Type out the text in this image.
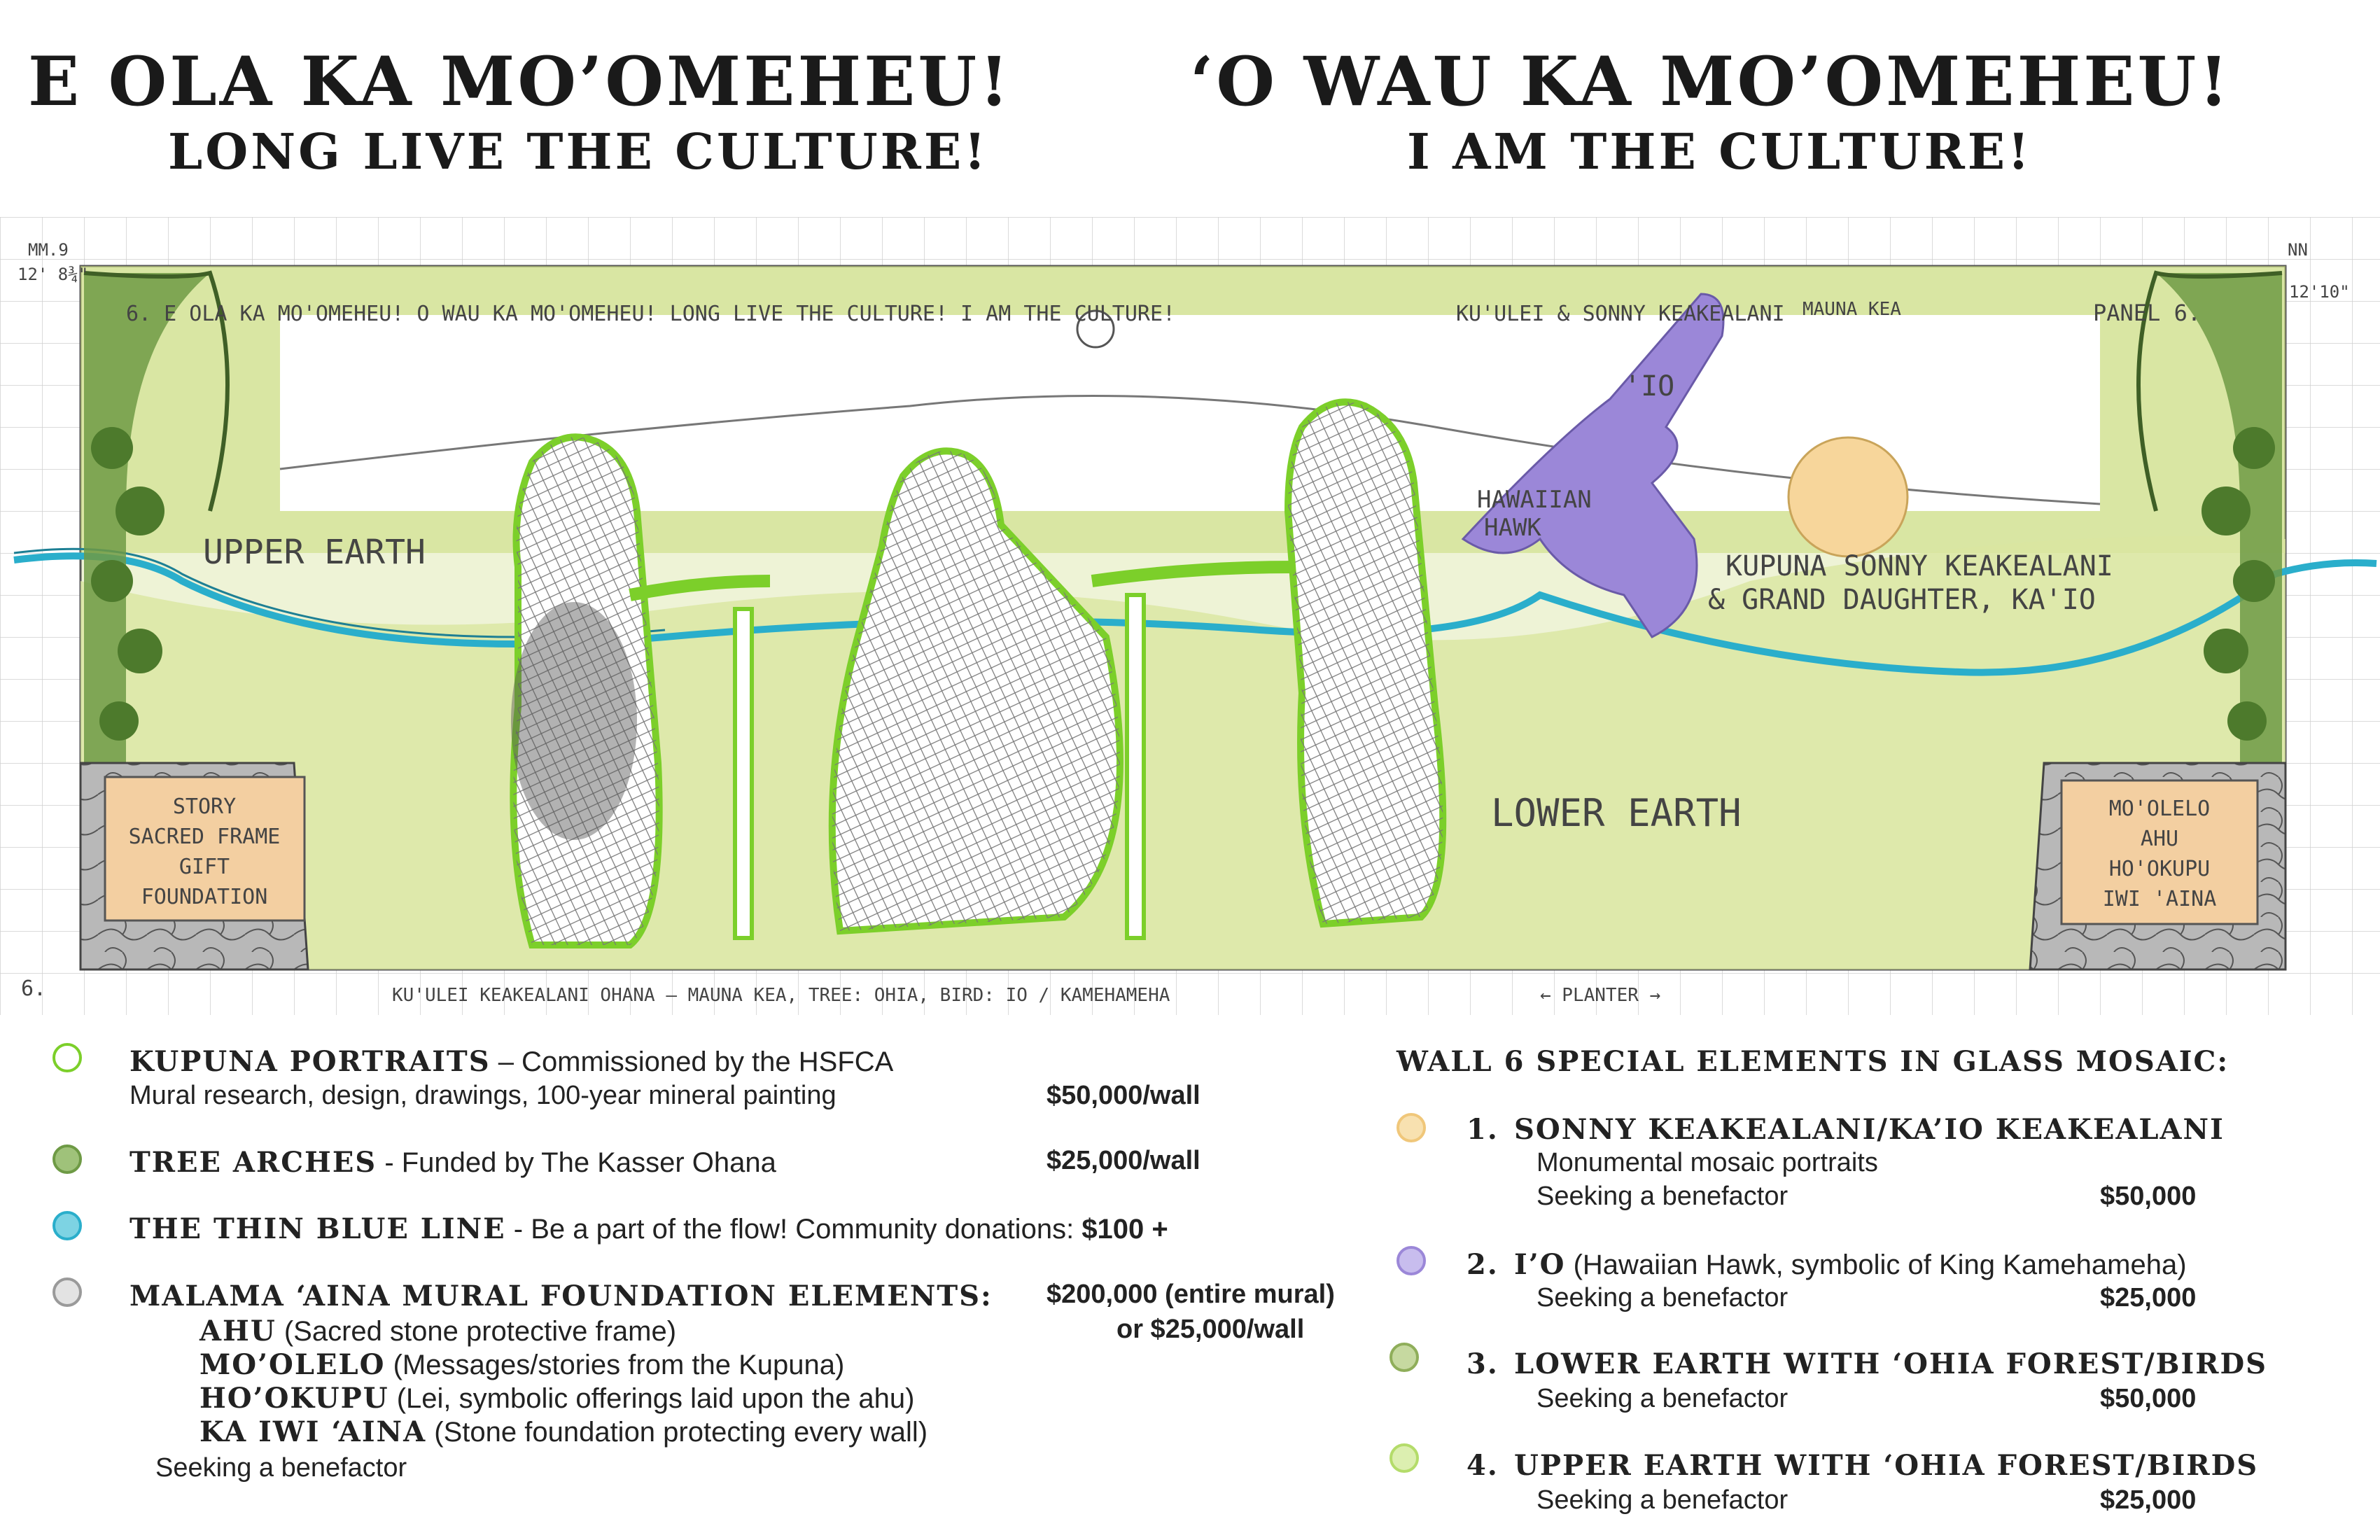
E OLA KA MO’OMEHEU!
LONG LIVE THE CULTURE!
‘O WAU KA MO’OMEHEU!
I AM THE CULTURE!
STORY
SACRED FRAME
GIFT
FOUNDATION
MO'OLELO
AHU
HO'OKUPU
IWI 'AINA
6. E OLA KA MO'OMEHEU! O WAU KA MO'OMEHEU! LONG LIVE THE CULTURE! I AM THE CULTURE!	KU'ULEI & SONNY KEAKEALANI MAUNA KEA	PANEL 6.
UPPER EARTH
LOWER EARTH
HAWAIIAN
HAWK
'IO
KUPUNA SONNY KEAKEALANI
& GRAND DAUGHTER, KA'IO
KU'ULEI KEAKEALANI OHANA — MAUNA KEA, TREE: OHIA, BIRD: IO / KAMEHAMEHA	← PLANTER →
MM.9	NN
12' 8¾"
12'10"
6.
KUPUNA PORTRAITS – Commissioned by the HSFCA
Mural research, design, drawings, 100-year mineral painting	$50,000/wall
TREE ARCHES - Funded by The Kasser Ohana	$25,000/wall
THE THIN BLUE LINE - Be a part of the flow! Community donations: $100 +
MALAMA ‘AINA MURAL FOUNDATION ELEMENTS: $200,000 (entire mural)
or $25,000/wall
AHU (Sacred stone protective frame)
MO’OLELO (Messages/stories from the Kupuna)
HO’OKUPU (Lei, symbolic offerings laid upon the ahu)
KA IWI ‘AINA (Stone foundation protecting every wall)
Seeking a benefactor
WALL 6 SPECIAL ELEMENTS IN GLASS MOSAIC:
1. SONNY KEAKEALANI/KA’IO KEAKEALANI
Monumental mosaic portraits
Seeking a benefactor	$50,000
2. I’O (Hawaiian Hawk, symbolic of King Kamehameha)
Seeking a benefactor	$25,000
3. LOWER EARTH WITH ‘OHIA FOREST/BIRDS
Seeking a benefactor	$50,000
4. UPPER EARTH WITH ‘OHIA FOREST/BIRDS
Seeking a benefactor	$25,000
